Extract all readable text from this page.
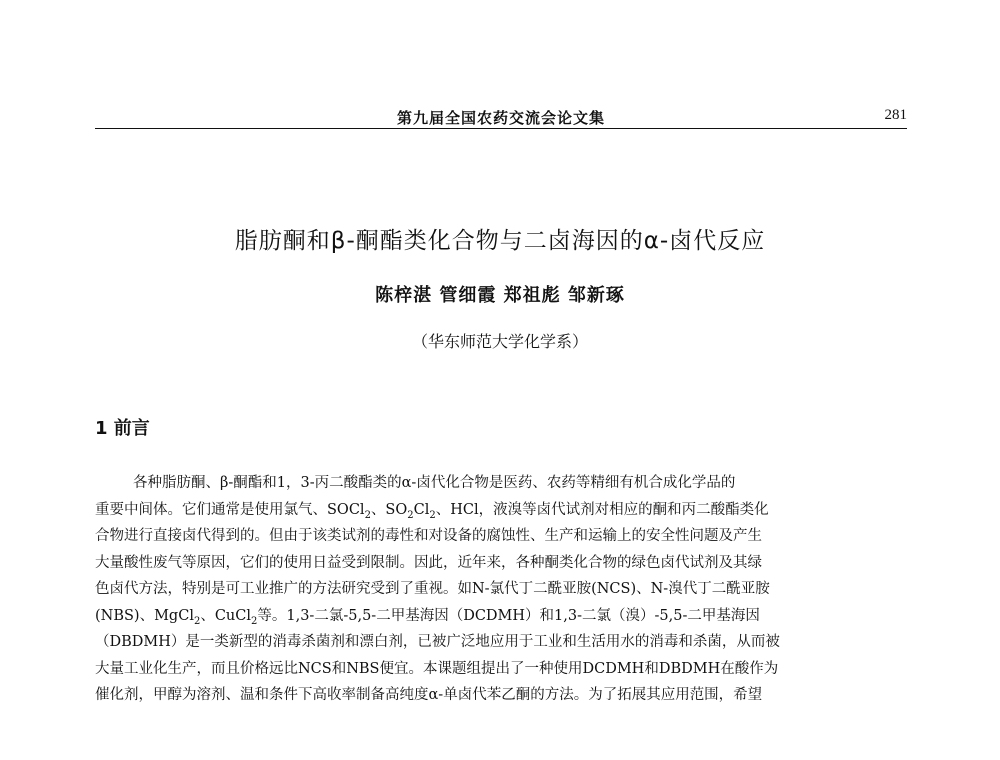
第九届全国农药交流会论文集	281
脂肪酮和β-酮酯类化合物与二卤海因的α-卤代反应
陈梓湛 管细霞 郑祖彪 邹新琢
（华东师范大学化学系）
1 前言
各种脂肪酮、β-酮酯和1，3-丙二酸酯类的α-卤代化合物是医药、农药等精细有机合成化学品的
重要中间体。它们通常是使用氯气、SOCl$_2$、$SO_2Cl_2$、HCl，液溴等卤代试剂对相应的酮和丙二酸酯类化
合物进行直接卤代得到的。但由于该类试剂的毒性和对设备的腐蚀性、生产和运输上的安全性问题及产生
大量酸性废气等原因，它们的使用日益受到限制。因此，近年来，各种酮类化合物的绿色卤代试剂及其绿
色卤代方法，特别是可工业推广的方法研究受到了重视。如N-氯代丁二酰亚胺(NCS)、N-溴代丁二酰亚胺
(NBS)、MgCl$_2$、CuCl$_2$等。1,3-二氯-5,5-二甲基海因（DCDMH）和1,3-二氯（溴）-5,5-二甲基海因
（DBDMH）是一类新型的消毒杀菌剂和漂白剂，已被广泛地应用于工业和生活用水的消毒和杀菌，从而被
大量工业化生产，而且价格远比NCS和NBS便宜。本课题组提出了一种使用DCDMH和DBDMH在酸作为
催化剂，甲醇为溶剂、温和条件下高收率制备高纯度α-单卤代苯乙酮的方法。为了拓展其应用范围，希望
